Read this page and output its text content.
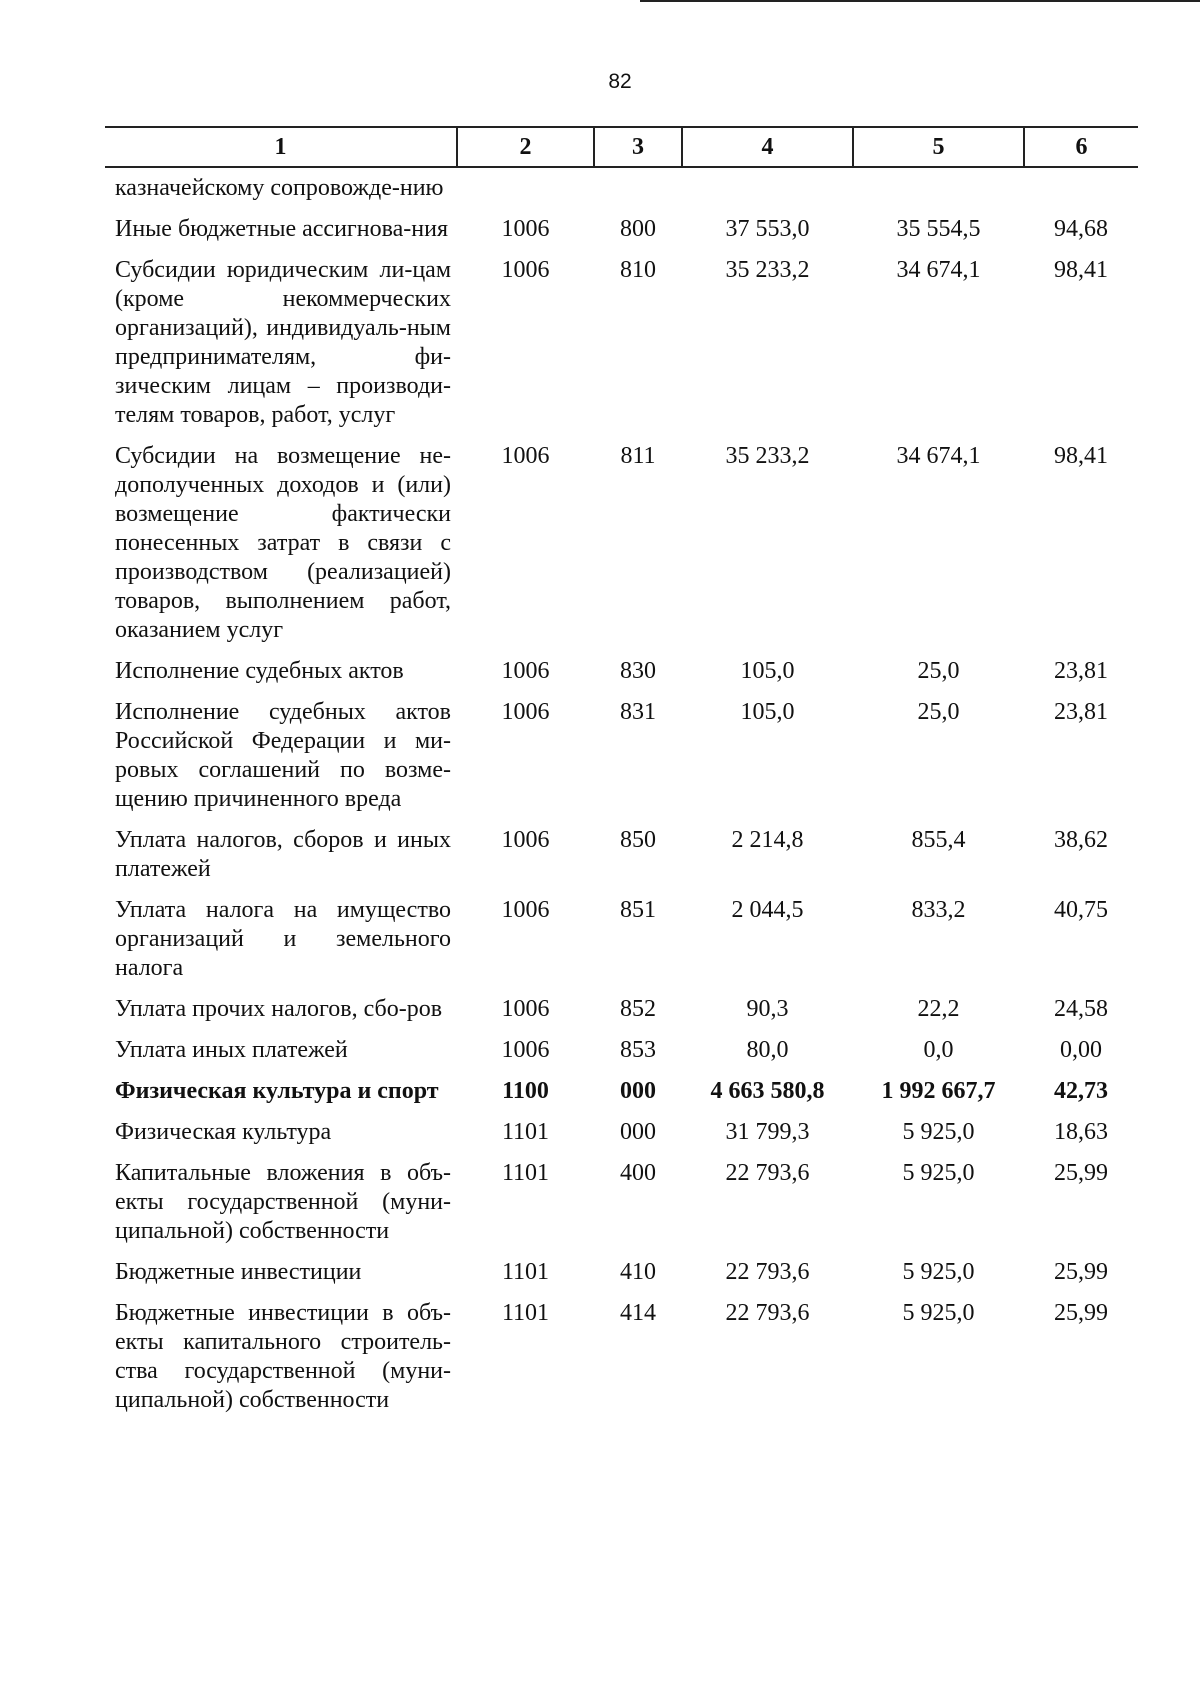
82
1	2	3	4	5	6
казначейскому сопровожде-нию					
Иные бюджетные ассигнова-ния	1006	800	37 553,0	35 554,5	94,68
Субсидии юридическим ли-цам (кроме некоммерческих организаций), индивидуаль-ным предпринимателям, фи-зическим лицам – производи-телям товаров, работ, услуг	1006	810	35 233,2	34 674,1	98,41
Субсидии на возмещение не-дополученных доходов и (или) возмещение фактически понесенных затрат в связи с производством (реализацией) товаров, выполнением работ, оказанием услуг	1006	811	35 233,2	34 674,1	98,41
Исполнение судебных актов	1006	830	105,0	25,0	23,81
Исполнение судебных актов Российской Федерации и ми-ровых соглашений по возме-щению причиненного вреда	1006	831	105,0	25,0	23,81
Уплата налогов, сборов и иных платежей	1006	850	2 214,8	855,4	38,62
Уплата налога на имущество организаций и земельного налога	1006	851	2 044,5	833,2	40,75
Уплата прочих налогов, сбо-ров	1006	852	90,3	22,2	24,58
Уплата иных платежей	1006	853	80,0	0,0	0,00
Физическая культура и спорт	1100	000	4 663 580,8	1 992 667,7	42,73
Физическая культура	1101	000	31 799,3	5 925,0	18,63
Капитальные вложения в объ-екты государственной (муни-ципальной) собственности	1101	400	22 793,6	5 925,0	25,99
Бюджетные инвестиции	1101	410	22 793,6	5 925,0	25,99
Бюджетные инвестиции в объ-екты капитального строитель-ства государственной (муни-ципальной) собственности	1101	414	22 793,6	5 925,0	25,99
